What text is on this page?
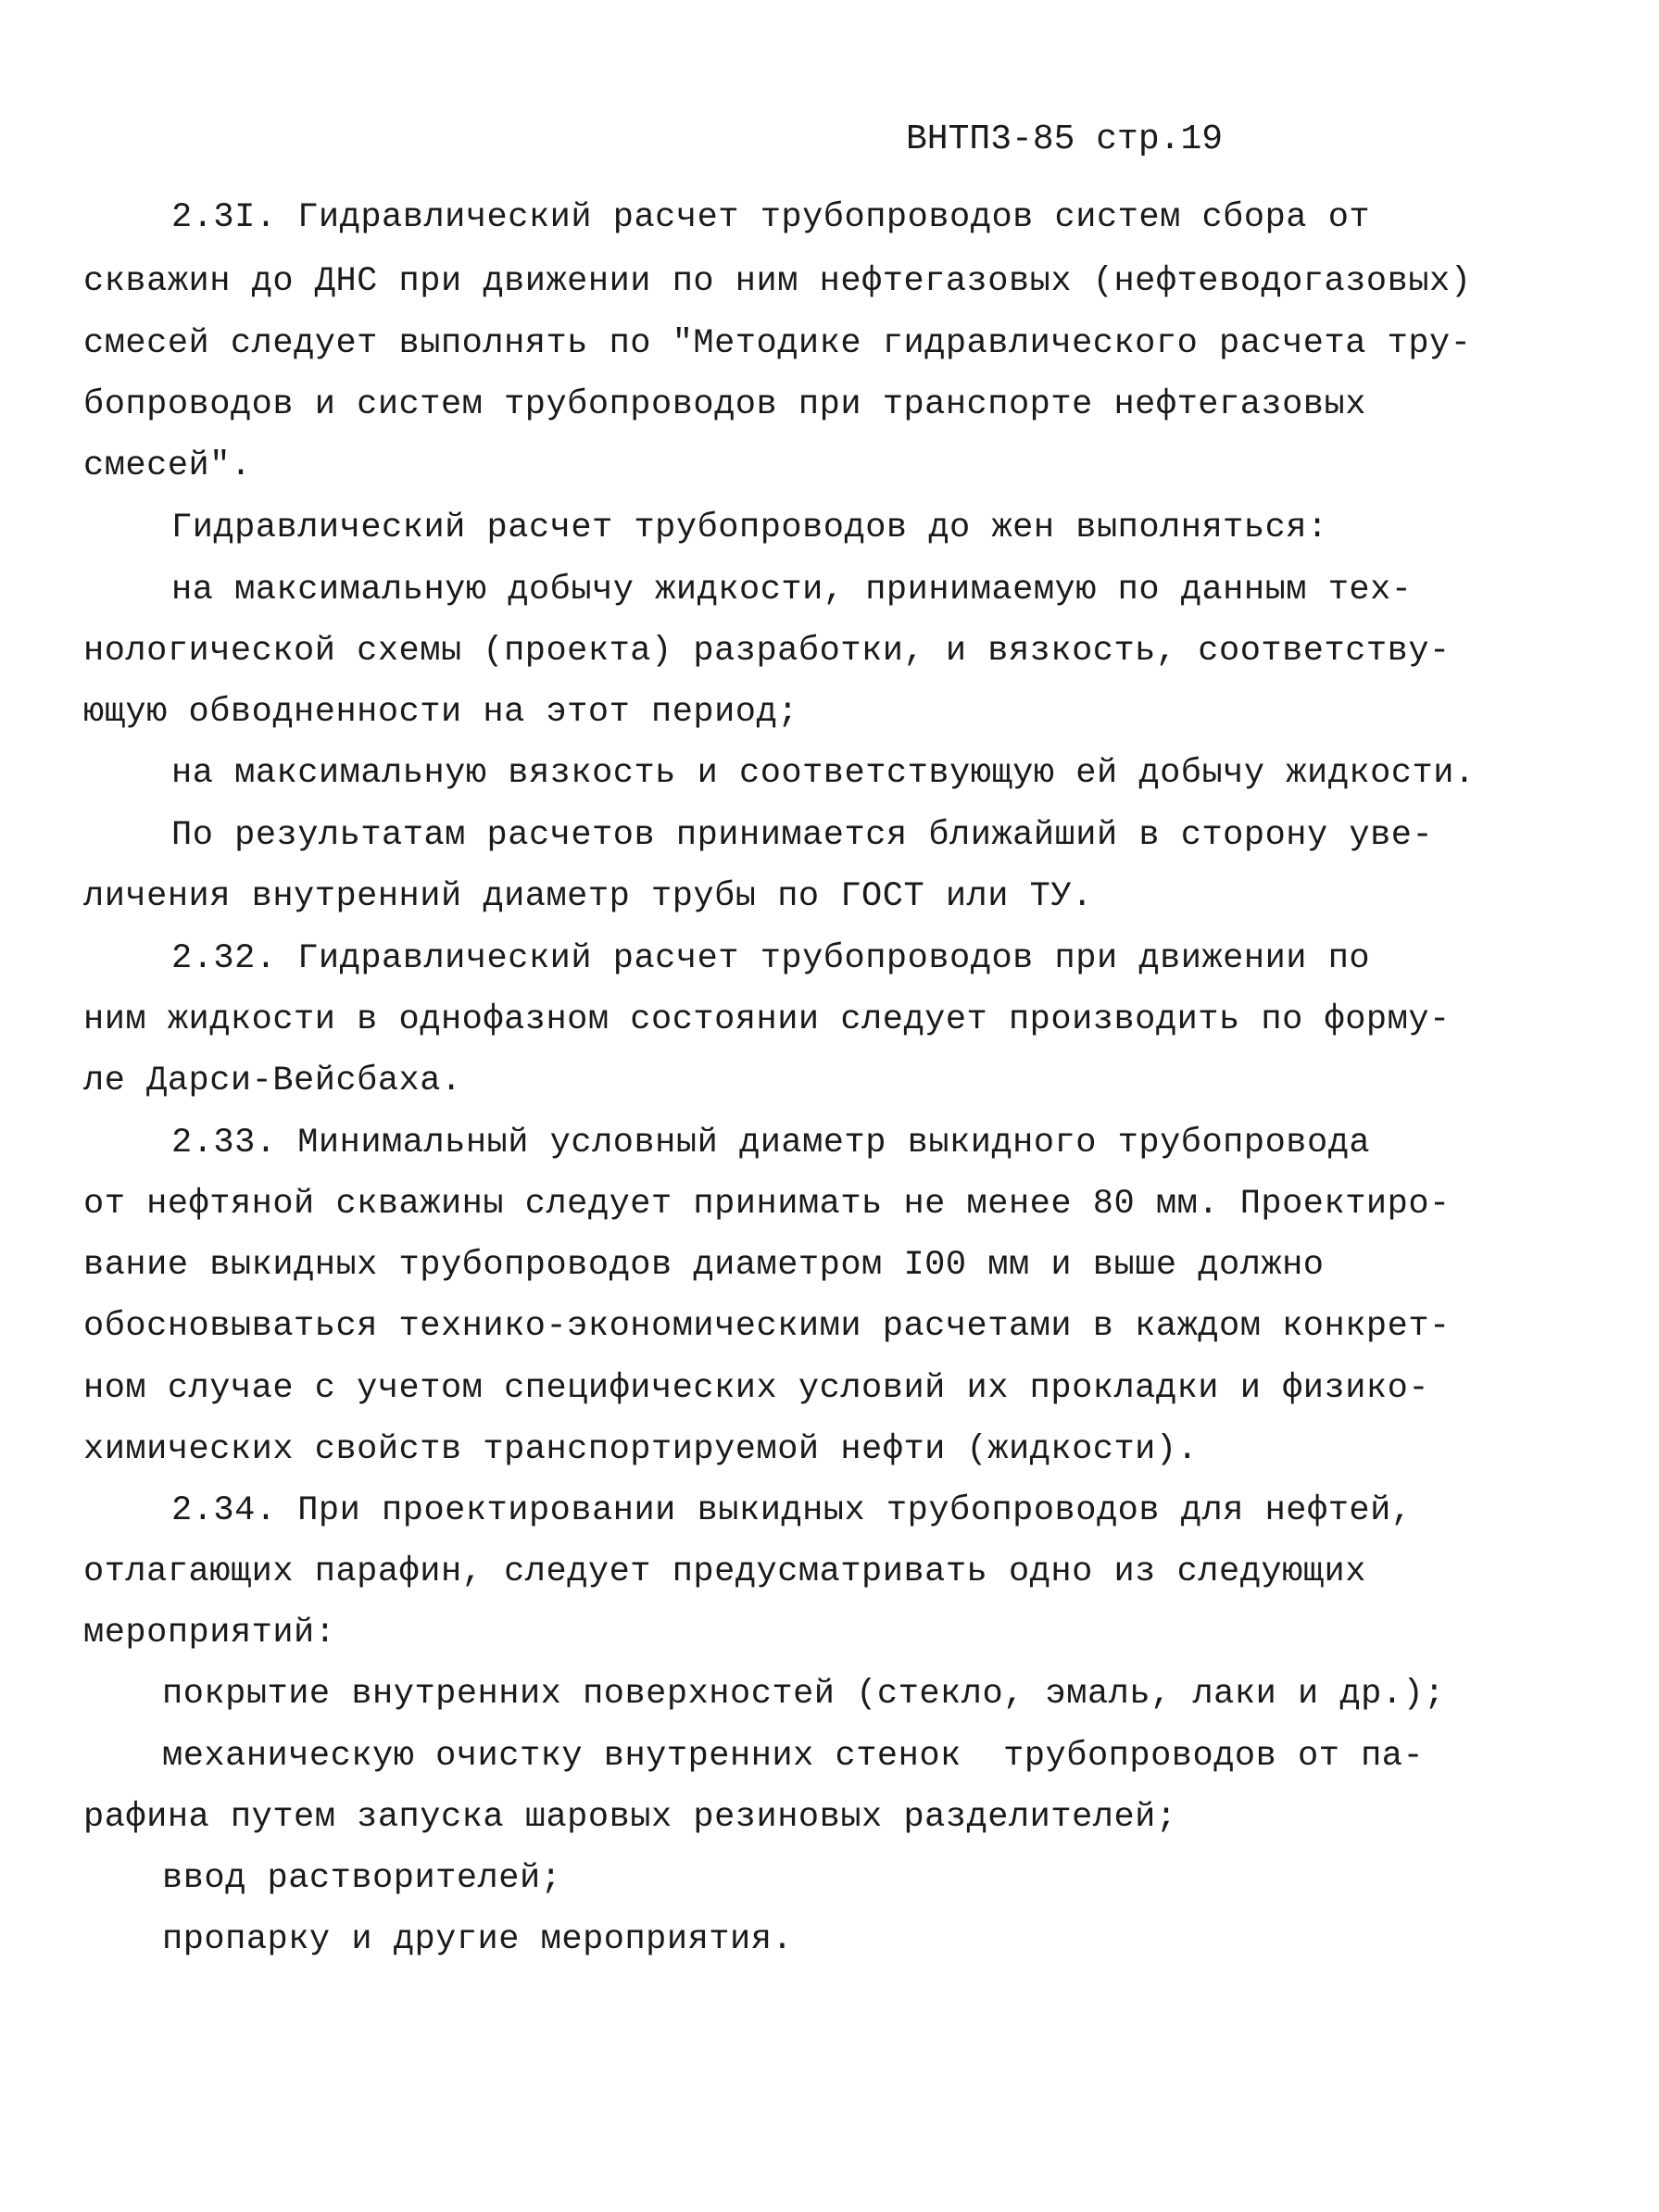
ВНТП3-85 стр.19
2.3I. Гидравлический расчет трубопроводов систем сбора от
скважин до ДНС при движении по ним нефтегазовых (нефтеводогазовых)
смесей следует выполнять по "Методике гидравлического расчета тру-
бопроводов и систем трубопроводов при транспорте нефтегазовых
смесей".
Гидравлический расчет трубопроводов до жен выполняться:
на максимальную добычу жидкости, принимаемую по данным тех-
нологической схемы (проекта) разработки, и вязкость, соответству-
ющую обводненности на этот период;
на максимальную вязкость и соответствующую ей добычу жидкости.
По результатам расчетов принимается ближайший в сторону уве-
личения внутренний диаметр трубы по ГОСТ или ТУ.
2.32. Гидравлический расчет трубопроводов при движении по
ним жидкости в однофазном состоянии следует производить по форму-
ле Дарси-Вейсбаха.
2.33. Минимальный условный диаметр выкидного трубопровода
от нефтяной скважины следует принимать не менее 80 мм. Проектиро-
вание выкидных трубопроводов диаметром I00 мм и выше должно
обосновываться технико-экономическими расчетами в каждом конкрет-
ном случае с учетом специфических условий их прокладки и физико-
химических свойств транспортируемой нефти (жидкости).
2.34. При проектировании выкидных трубопроводов для нефтей,
отлагающих парафин, следует предусматривать одно из следующих
мероприятий:
покрытие внутренних поверхностей (стекло, эмаль, лаки и др.);
механическую очистку внутренних стенок  трубопроводов от па-
рафина путем запуска шаровых резиновых разделителей;
ввод растворителей;
пропарку и другие мероприятия.
